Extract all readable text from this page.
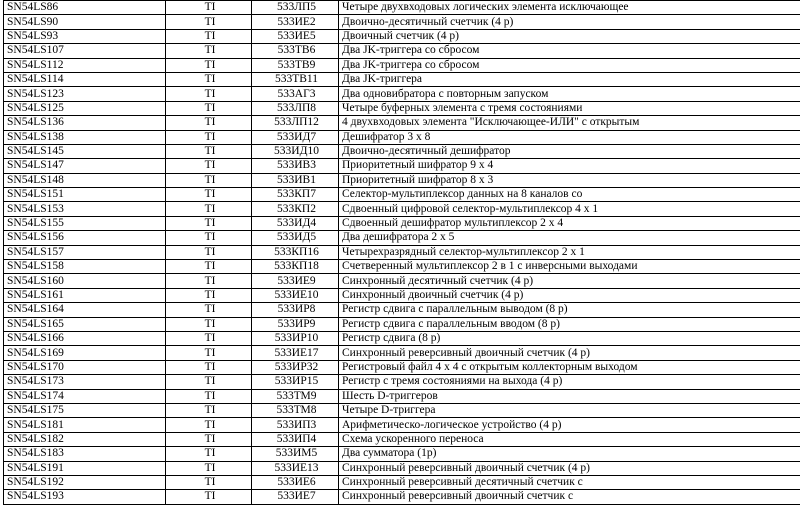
SN54LS86	TI	533ЛП5	Четыре двухвходовых логических элемента исключающее
SN54LS90	TI	533ИЕ2	Двоично-десятичный счетчик (4 р)
SN54LS93	TI	533ИЕ5	Двоичный счетчик (4 р)
SN54LS107	TI	533ТВ6	Два JK-триггера со сбросом
SN54LS112	TI	533ТВ9	Два JK-триггера со сбросом
SN54LS114	TI	533ТВ11	Два JK-триггера
SN54LS123	TI	533АГ3	Два одновибратора с повторным запуском
SN54LS125	TI	533ЛП8	Четыре буферных элемента с тремя состояниями
SN54LS136	TI	533ЛП12	4 двухвходовых элемента "Исключающее-ИЛИ" с открытым
SN54LS138	TI	533ИД7	Дешифратор 3 х 8
SN54LS145	TI	533ИД10	Двоично-десятичный дешифратор
SN54LS147	TI	533ИВ3	Приоритетный шифратор 9 х 4
SN54LS148	TI	533ИВ1	Приоритетный шифратор 8 х 3
SN54LS151	TI	533КП7	Селектор-мультиплексор данных на 8 каналов со
SN54LS153	TI	533КП2	Сдвоенный цифровой селектор-мультиплексор 4 х 1
SN54LS155	TI	533ИД4	Сдвоенный дешифратор мультиплексор 2 х 4
SN54LS156	TI	533ИД5	Два дешифратора 2 х 5
SN54LS157	TI	533КП16	Четырехразрядный селектор-мультиплексор 2 х 1
SN54LS158	TI	533КП18	Счетверенный мультиплексор 2 в 1 с инверсными выходами
SN54LS160	TI	533ИЕ9	Синхронный десятичный счетчик (4 р)
SN54LS161	TI	533ИЕ10	Синхронный двоичный счетчик (4 р)
SN54LS164	TI	533ИР8	Регистр сдвига с параллельным выводом (8 р)
SN54LS165	TI	533ИР9	Регистр сдвига с параллельным вводом (8 р)
SN54LS166	TI	533ИР10	Регистр сдвига (8 р)
SN54LS169	TI	533ИЕ17	Синхронный реверсивный двоичный счетчик (4 р)
SN54LS170	TI	533ИР32	Регистровый файл 4 х 4 с открытым коллекторным выходом
SN54LS173	TI	533ИР15	Регистр с тремя состояниями на выхода (4 р)
SN54LS174	TI	533ТМ9	Шесть D-триггеров
SN54LS175	TI	533ТМ8	Четыре D-триггера
SN54LS181	TI	533ИП3	Арифметическо-логическое устройство (4 р)
SN54LS182	TI	533ИП4	Схема ускоренного переноса
SN54LS183	TI	533ИМ5	Два сумматора (1р)
SN54LS191	TI	533ИЕ13	Синхронный реверсивный двоичный счетчик (4 р)
SN54LS192	TI	533ИЕ6	Синхронный реверсивный десятичный счетчик с
SN54LS193	TI	533ИЕ7	Синхронный реверсивный двоичный счетчик с
